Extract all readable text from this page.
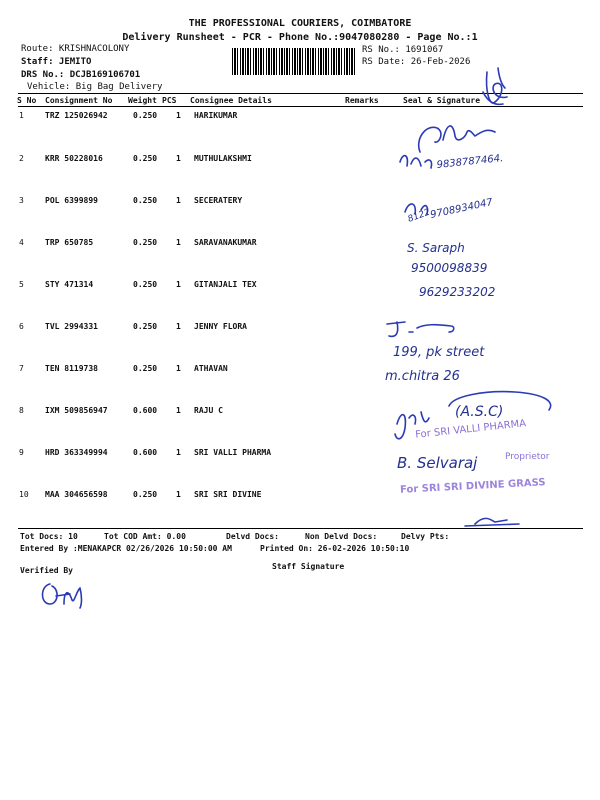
THE PROFESSIONAL COURIERS, COIMBATORE
Delivery Runsheet - PCR - Phone No.:9047080280 - Page No.:1
Route: KRISHNACOLONY
Staff: JEMITO
DRS No.: DCJB169106701
Vehicle: Big Bag Delivery
RS No.: 1691067
RS Date: 26-Feb-2026
S No Consignment No Weight PCS Consignee Details	Remarks	Seal & Signature
1	TRZ 125026942	0.250 1 HARIKUMAR
2	KRR 50228016	0.250 1 MUTHULAKSHMI
3	POL 6399899	0.250 1 SECERATERY
4	TRP 650785	0.250 1 SARAVANAKUMAR
5	STY 471314	0.250 1 GITANJALI TEX
6	TVL 2994331	0.250 1 JENNY FLORA
7	TEN 8119738	0.250 1 ATHAVAN
8	IXM 509856947	0.600 1 RAJU C
9	HRD 363349994	0.600 1 SRI VALLI PHARMA
10 MAA 304656598	0.250 1 SRI SRI DIVINE
9838787464.
8122
9708934047
S. Saraph
9500098839
9629233202
199, pk street
m.chitra 26
(A.S.C)
B. Selvaraj
For SRI VALLI PHARMA
Proprietor
For SRI SRI DIVINE GRASS
Tot Docs: 10	Tot COD Amt: 0.00	Delvd Docs:	Non Delvd Docs:	Delvy Pts:
Entered By :MENAKAPCR 02/26/2026 10:50:00 AM	Printed On: 26-02-2026 10:50:10
Verified By	Staff Signature
